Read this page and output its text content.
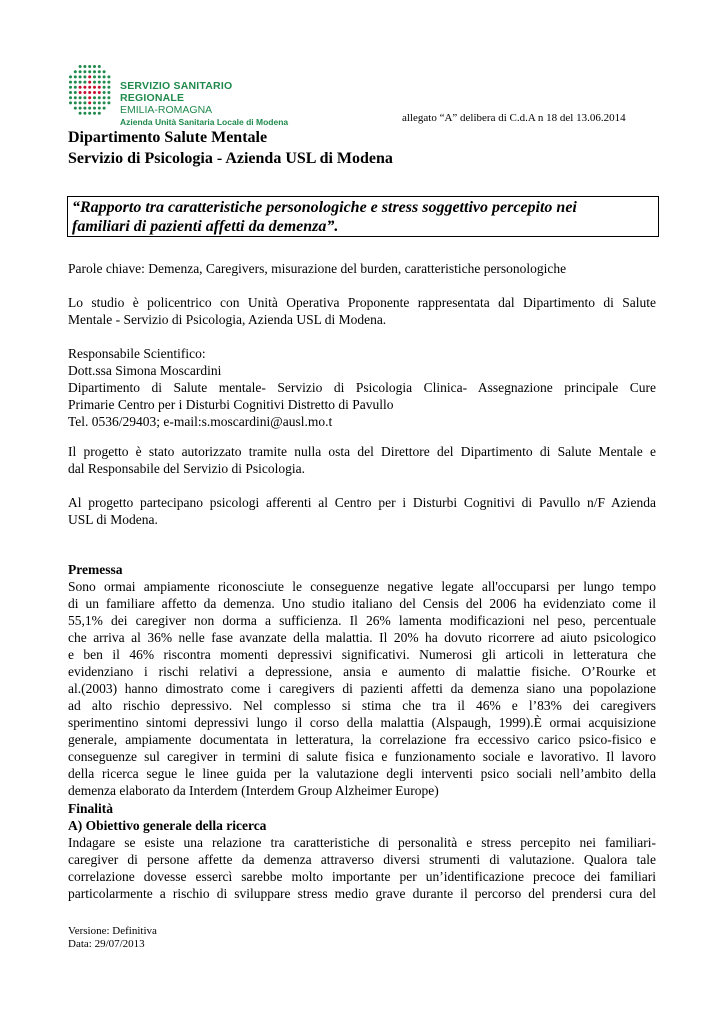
SERVIZIO SANITARIO REGIONALE
EMILIA-ROMAGNA
Azienda Unità Sanitaria Locale di Modena	allegato “A” delibera di C.d.A n 18 del 13.06.2014
Dipartimento Salute Mentale
Servizio di Psicologia - Azienda USL di Modena
“Rapporto tra caratteristiche personologiche e stress soggettivo percepito nei
familiari di pazienti affetti da demenza”.
Parole chiave: Demenza, Caregivers, misurazione del burden, caratteristiche personologiche
Lo studio è policentrico con Unità Operativa Proponente rappresentata dal Dipartimento di Salute
Mentale - Servizio di Psicologia, Azienda USL di Modena.
Responsabile Scientifico:
Dott.ssa Simona Moscardini
Dipartimento di Salute mentale- Servizio di Psicologia Clinica- Assegnazione principale Cure
Primarie Centro per i Disturbi Cognitivi Distretto di Pavullo
Tel. 0536/29403; e-mail:s.moscardini@ausl.mo.t
Il progetto è stato autorizzato tramite nulla osta del Direttore del Dipartimento di Salute Mentale e
dal Responsabile del Servizio di Psicologia.
Al progetto partecipano psicologi afferenti al Centro per i Disturbi Cognitivi di Pavullo n/F Azienda
USL di Modena.
Premessa
Sono ormai ampiamente riconosciute le conseguenze negative legate all'occuparsi per lungo tempo
di un familiare affetto da demenza. Uno studio italiano del Censis del 2006 ha evidenziato come il
55,1% dei caregiver non dorma a sufficienza. Il 26% lamenta modificazioni nel peso, percentuale
che arriva al 36% nelle fase avanzate della malattia. Il 20% ha dovuto ricorrere ad aiuto psicologico
e ben il 46% riscontra momenti depressivi significativi. Numerosi gli articoli in letteratura che
evidenziano i rischi relativi a depressione, ansia e aumento di malattie fisiche. O’Rourke et
al.(2003) hanno dimostrato come i caregivers di pazienti affetti da demenza siano una popolazione
ad alto rischio depressivo. Nel complesso si stima che tra il 46% e l’83% dei caregivers
sperimentino sintomi depressivi lungo il corso della malattia (Alspaugh, 1999).È ormai acquisizione
generale, ampiamente documentata in letteratura, la correlazione fra eccessivo carico psico-fisico e
conseguenze sul caregiver in termini di salute fisica e funzionamento sociale e lavorativo. Il lavoro
della ricerca segue le linee guida per la valutazione degli interventi psico sociali nell’ambito della
demenza elaborato da Interdem (Interdem Group Alzheimer Europe)
Finalità
A) Obiettivo generale della ricerca
Indagare se esiste una relazione tra caratteristiche di personalità e stress percepito nei familiari-
caregiver di persone affette da demenza attraverso diversi strumenti di valutazione. Qualora tale
correlazione dovesse essercì sarebbe molto importante per un’identificazione precoce dei familiari
particolarmente a rischio di sviluppare stress medio grave durante il percorso del prendersi cura del
Versione: Definitiva
Data: 29/07/2013
